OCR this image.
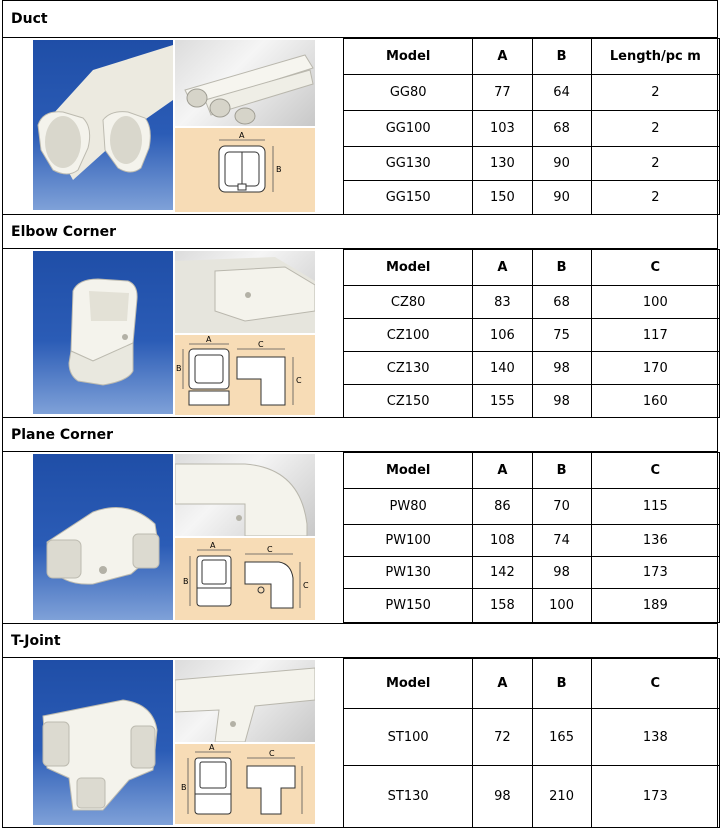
Duct
A
B
Model	A	B	Length/pc m
GG80	77	64	2
GG100	103	68	2
GG130	130	90	2
GG150	150	90	2
Elbow Corner
A
B
C
C
Model	A	B	C
CZ80	83	68	100
CZ100	106	75	117
CZ130	140	98	170
CZ150	155	98	160
Plane Corner
A
B
C
C
Model	A	B	C
PW80	86	70	115
PW100	108	74	136
PW130	142	98	173
PW150	158	100	189
T-Joint
A
B
C
Model	A	B	C
ST100	72	165	138
ST130	98	210	173
